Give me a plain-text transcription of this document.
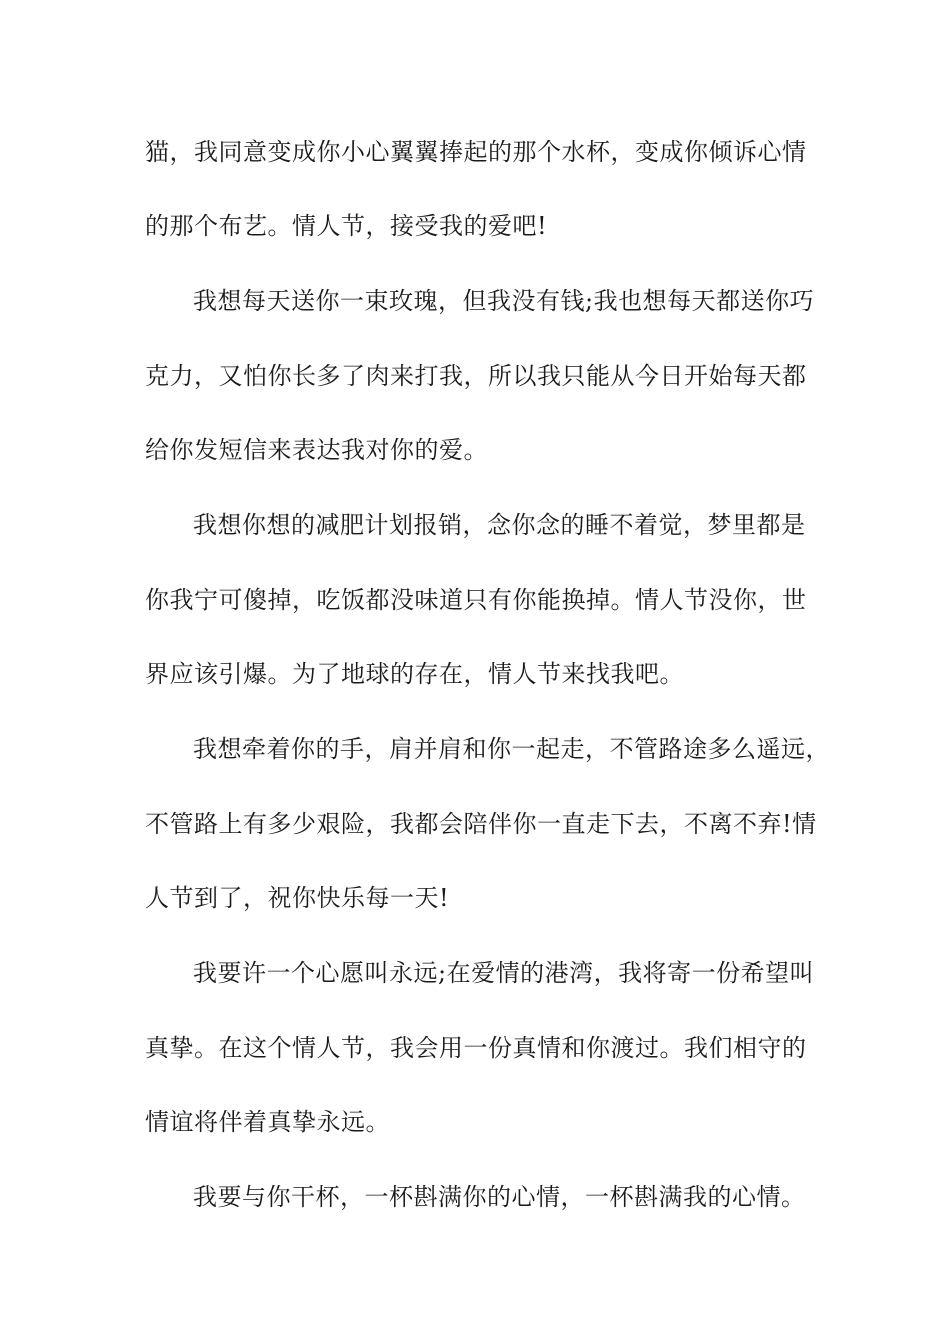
猫，我同意变成你小心翼翼捧起的那个水杯，变成你倾诉心情
的那个布艺。情人节，接受我的爱吧!
我想每天送你一束玫瑰，但我没有钱;我也想每天都送你巧
克力，又怕你长多了肉来打我，所以我只能从今日开始每天都
给你发短信来表达我对你的爱。
我想你想的减肥计划报销，念你念的睡不着觉，梦里都是
你我宁可傻掉，吃饭都没味道只有你能换掉。情人节没你，世
界应该引爆。为了地球的存在，情人节来找我吧。
我想牵着你的手，肩并肩和你一起走，不管路途多么遥远，
不管路上有多少艰险，我都会陪伴你一直走下去，不离不弃!情
人节到了，祝你快乐每一天!
我要许一个心愿叫永远;在爱情的港湾，我将寄一份希望叫
真挚。在这个情人节，我会用一份真情和你渡过。我们相守的
情谊将伴着真挚永远。
我要与你干杯，一杯斟满你的心情，一杯斟满我的心情。
